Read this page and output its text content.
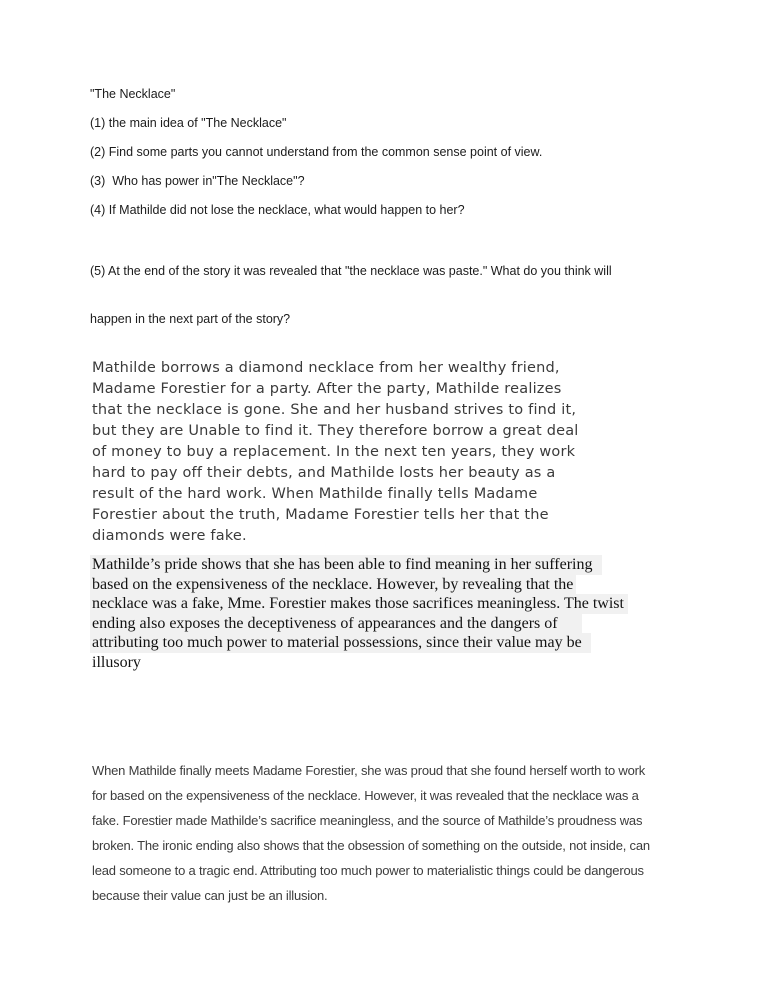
"The Necklace"

(1) the main idea of "The Necklace"

(2) Find some parts you cannot understand from the common sense point of view.

(3)  Who has power in"The Necklace"?

(4) If Mathilde did not lose the necklace, what would happen to her?

(5) At the end of the story it was revealed that "the necklace was paste." What do you think will

happen in the next part of the story?

Mathilde borrows a diamond necklace from her wealthy friend,
Madame Forestier for a party. After the party, Mathilde realizes
that the necklace is gone. She and her husband strives to find it,
but they are Unable to find it. They therefore borrow a great deal
of money to buy a replacement. In the next ten years, they work
hard to pay off their debts, and Mathilde losts her beauty as a
result of the hard work. When Mathilde finally tells Madame
Forestier about the truth, Madame Forestier tells her that the
diamonds were fake.
Mathilde’s pride shows that she has been able to find meaning in her suffering
based on the expensiveness of the necklace. However, by revealing that the
necklace was a fake, Mme. Forestier makes those sacrifices meaningless. The twist
ending also exposes the deceptiveness of appearances and the dangers of
attributing too much power to material possessions, since their value may be
illusory
When Mathilde finally meets Madame Forestier, she was proud that she found herself worth to work
for based on the expensiveness of the necklace. However, it was revealed that the necklace was a
fake. Forestier made Mathilde’s sacrifice meaningless, and the source of Mathilde’s proudness was
broken. The ironic ending also shows that the obsession of something on the outside, not inside, can
lead someone to a tragic end. Attributing too much power to materialistic things could be dangerous
because their value can just be an illusion.
